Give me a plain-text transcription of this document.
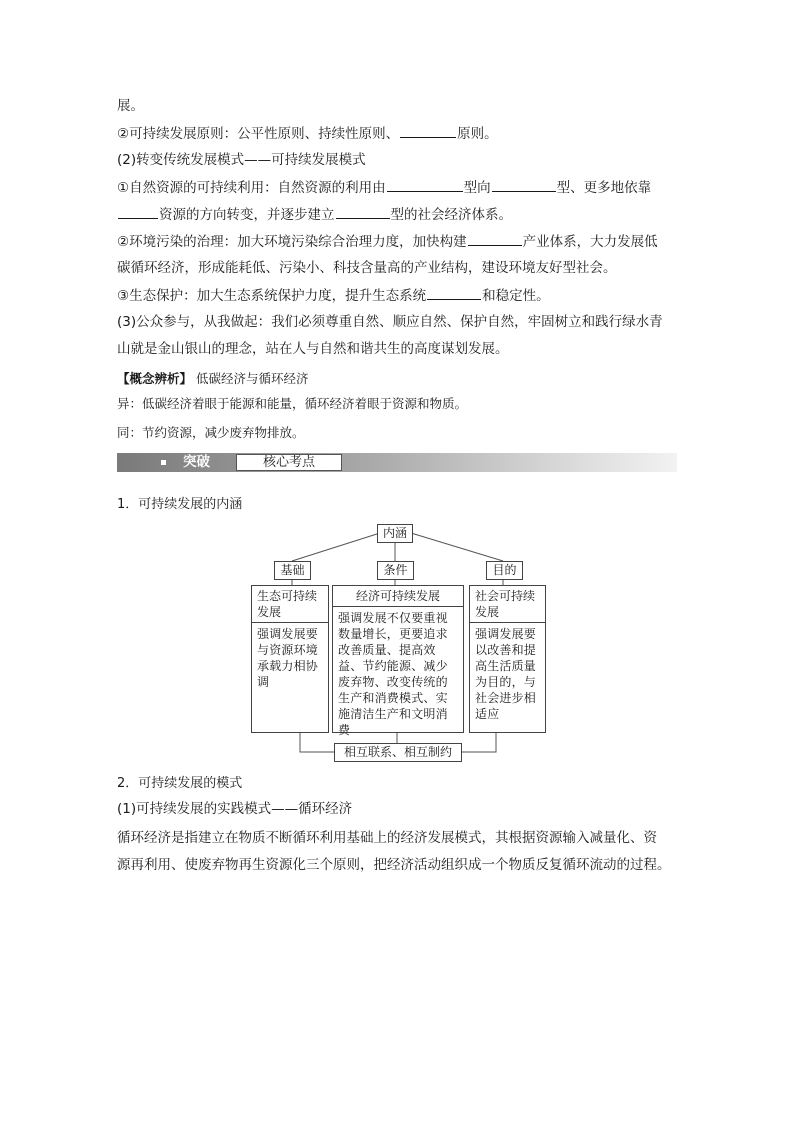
展。
②可持续发展原则：公平性原则、持续性原则、	原则。
(2)转变传统发展模式——可持续发展模式
①自然资源的可持续利用：自然资源的利用由	型向	型、更多地依靠
资源的方向转变，并逐步建立	型的社会经济体系。
②环境污染的治理：加大环境污染综合治理力度，加快构建	产业体系，大力发展低
碳循环经济，形成能耗低、污染小、科技含量高的产业结构，建设环境友好型社会。
③生态保护：加大生态系统保护力度，提升生态系统	和稳定性。
(3)公众参与，从我做起：我们必须尊重自然、顺应自然、保护自然，牢固树立和践行绿水青
山就是金山银山的理念，站在人与自然和谐共生的高度谋划发展。
【概念辨析】 低碳经济与循环经济
异：低碳经济着眼于能源和能量，循环经济着眼于资源和物质。
同：节约资源，减少废弃物排放。
突破	核心考点
1．可持续发展的内涵
内涵
基础	条件	目的
生态可持续发展
强调发展要与资源环境承载力相协调
经济可持续发展
强调发展不仅要重视数量增长，更要追求改善质量、提高效益、节约能源、减少废弃物、改变传统的生产和消费模式、实施清洁生产和文明消费
社会可持续发展
强调发展要以改善和提高生活质量为目的，与社会进步相适应
相互联系、相互制约
2．可持续发展的模式
(1)可持续发展的实践模式——循环经济
循环经济是指建立在物质不断循环利用基础上的经济发展模式，其根据资源输入减量化、资
源再利用、使废弃物再生资源化三个原则，把经济活动组织成一个物质反复循环流动的过程。
